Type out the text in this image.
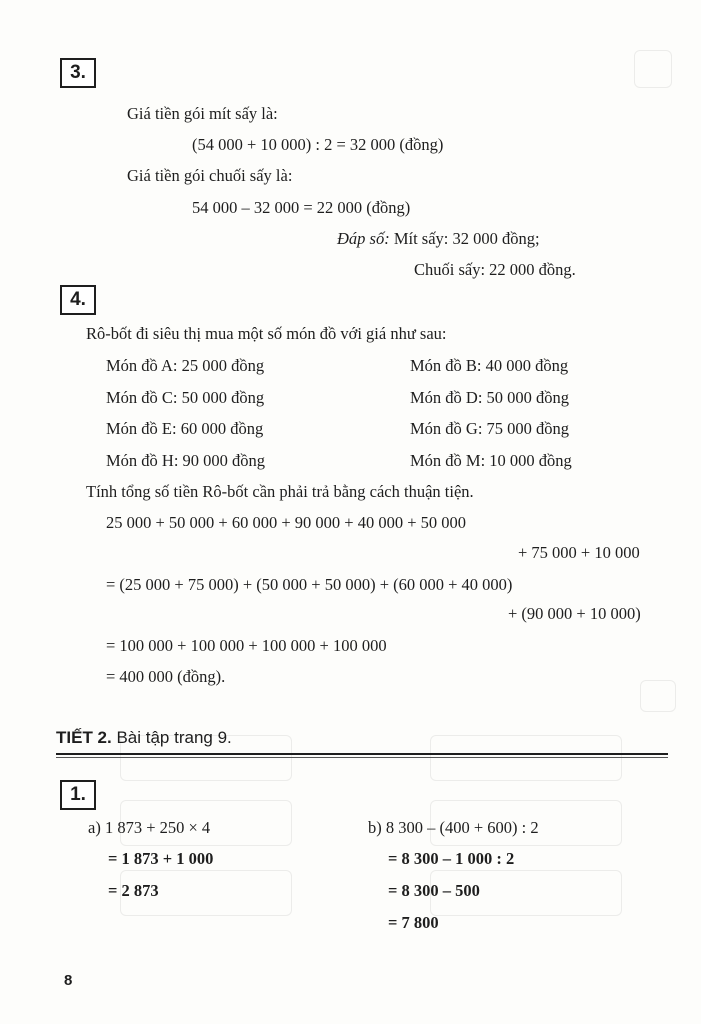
3.
Giá tiền gói mít sấy là:
(54 000 + 10 000) : 2 = 32 000 (đồng)
Giá tiền gói chuối sấy là:
54 000 – 32 000 = 22 000 (đồng)
Đáp số: Mít sấy: 32 000 đồng;
Chuối sấy: 22 000 đồng.
4.
Rô-bốt đi siêu thị mua một số món đồ với giá như sau:
Món đồ A: 25 000 đồng	Món đồ B: 40 000 đồng
Món đồ C: 50 000 đồng	Món đồ D: 50 000 đồng
Món đồ E: 60 000 đồng	Món đồ G: 75 000 đồng
Món đồ H: 90 000 đồng	Món đồ M: 10 000 đồng
Tính tổng số tiền Rô-bốt cần phải trả bằng cách thuận tiện.
25 000 + 50 000 + 60 000 + 90 000 + 40 000 + 50 000
+ 75 000 + 10 000
= (25 000 + 75 000) + (50 000 + 50 000) + (60 000 + 40 000)
+ (90 000 + 10 000)
= 100 000 + 100 000 + 100 000 + 100 000
= 400 000 (đồng).
TIẾT 2. Bài tập trang 9.
1.
a) 1 873 + 250 × 4
= 1 873 + 1 000
= 2 873
b) 8 300 – (400 + 600) : 2
= 8 300 – 1 000 : 2
= 8 300 – 500
= 7 800
8
